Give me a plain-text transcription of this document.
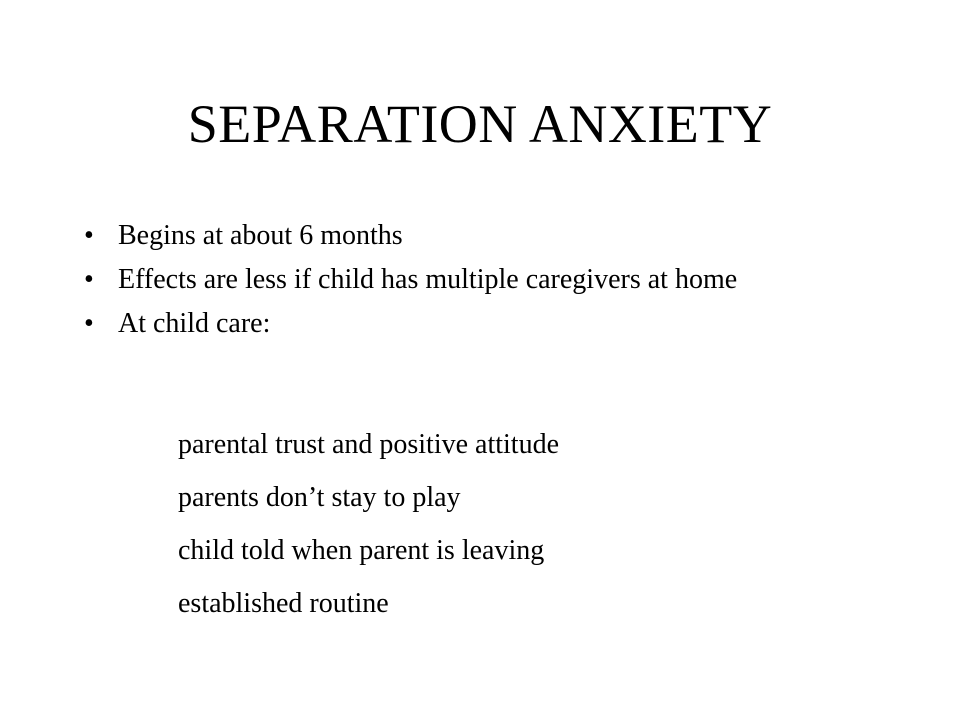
SEPARATION ANXIETY
• Begins at about 6 months
• Effects are less if child has multiple caregivers at home
• At child care:
parental trust and positive attitude
parents don’t stay to play
child told when parent is leaving
established routine
